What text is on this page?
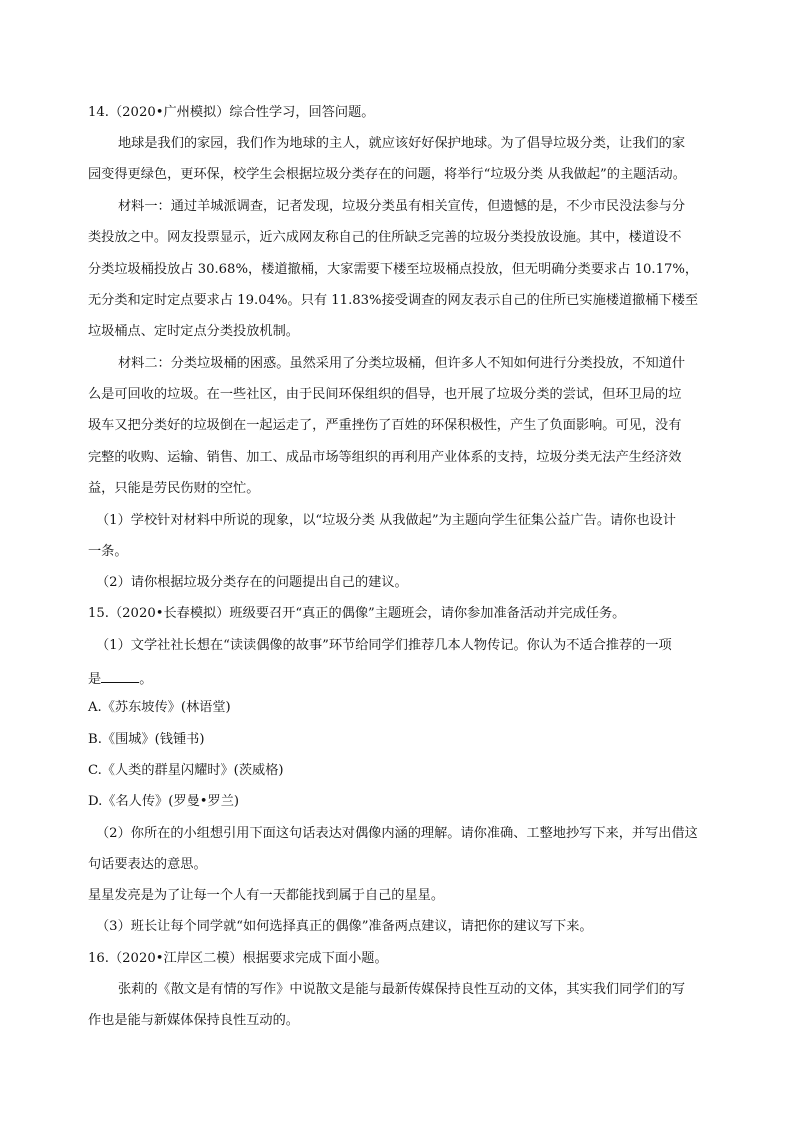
14.（2020•广州模拟）综合性学习，回答问题。
地球是我们的家园，我们作为地球的主人，就应该好好保护地球。为了倡导垃圾分类，让我们的家
园变得更绿色，更环保，校学生会根据垃圾分类存在的问题，将举行“垃圾分类 从我做起”的主题活动。
材料一：通过羊城派调查，记者发现，垃圾分类虽有相关宣传，但遗憾的是，不少市民没法参与分
类投放之中。网友投票显示，近六成网友称自己的住所缺乏完善的垃圾分类投放设施。其中，楼道设不
分类垃圾桶投放占 30.68%，楼道撤桶，大家需要下楼至垃圾桶点投放，但无明确分类要求占 10.17%，
无分类和定时定点要求占 19.04%。只有 11.83%接受调查的网友表示自己的住所已实施楼道撤桶下楼至
垃圾桶点、定时定点分类投放机制。
材料二：分类垃圾桶的困惑。虽然采用了分类垃圾桶，但许多人不知如何进行分类投放，不知道什
么是可回收的垃圾。在一些社区，由于民间环保组织的倡导，也开展了垃圾分类的尝试，但环卫局的垃
圾车又把分类好的垃圾倒在一起运走了，严重挫伤了百姓的环保积极性，产生了负面影响。可见，没有
完整的收购、运输、销售、加工、成品市场等组织的再利用产业体系的支持，垃圾分类无法产生经济效
益，只能是劳民伤财的空忙。
（1）学校针对材料中所说的现象，以“垃圾分类 从我做起”为主题向学生征集公益广告。请你也设计
一条。
（2）请你根据垃圾分类存在的问题提出自己的建议。
15.（2020•长春模拟）班级要召开“真正的偶像”主题班会，请你参加准备活动并完成任务。
（1）文学社社长想在“读读偶像的故事”环节给同学们推荐几本人物传记。你认为不适合推荐的一项
是	。
A.《苏东坡传》(林语堂)
B.《围城》(钱锺书)
C.《人类的群星闪耀时》(茨威格)
D.《名人传》(罗曼•罗兰)
（2）你所在的小组想引用下面这句话表达对偶像内涵的理解。请你准确、工整地抄写下来，并写出借这
句话要表达的意思。
星星发亮是为了让每一个人有一天都能找到属于自己的星星。
（3）班长让每个同学就“如何选择真正的偶像”准备两点建议，请把你的建议写下来。
16.（2020•江岸区二模）根据要求完成下面小题。
张莉的《散文是有情的写作》中说散文是能与最新传媒保持良性互动的文体，其实我们同学们的写
作也是能与新媒体保持良性互动的。
